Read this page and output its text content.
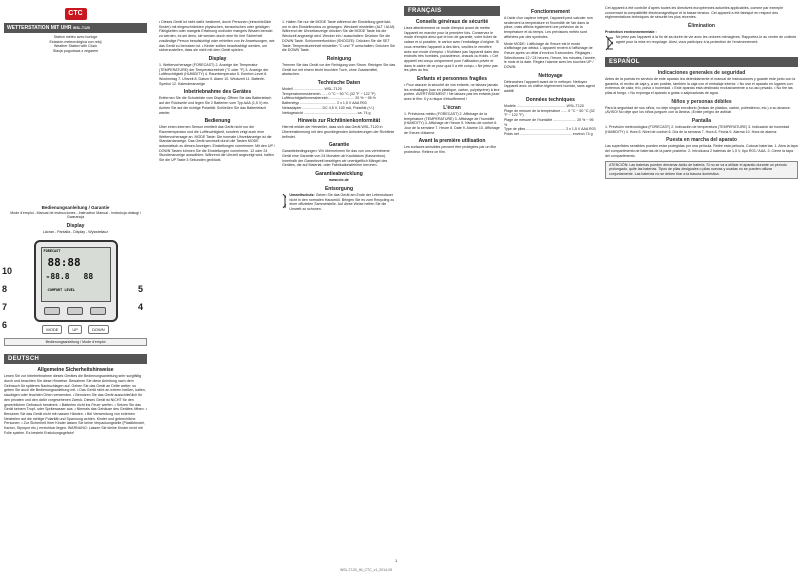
CTC
WETTERSTATION MIT UHR WSL-T120
Station météo avec horloge
Estación meteorológica con reloj
Weather Station with Clock
Stacja pogodowa z zegarem
Bedienungsanleitung / Garantie
Mode d'emploi - Manual de instrucciones - Instruction Manual - Instrukcja obsługi i Gwarancja
Display
Lâcran - Pantalla - Display - Wyświetlacz
FORECAST
88:88
-88.8 88
COMFORT LEVEL
10
8
7
6
5
4
MODE	UP	DOWN
Bedienungsanleitung / Mode d'emploi
DEUTSCH
Allgemeine Sicherheitshinweise

Lesen Sie zur Inbetriebnahme dieses Gerätes die Bedienungsanleitung sehr sorgfältig durch und beachten Sie diese Hinweise. Bewahren Sie diese Anleitung nach dem Gebrauch für späteres Nachschlagen auf. Geben Sie das Gerät an Dritte weiter, so geben Sie auch die Bedienungsanleitung mit. • Das Gerät nicht an extrem heißen, kalten, staubigen oder feuchten Orten verwenden. • Benutzen Sie das Gerät ausschließlich für den privaten und den dafür vorgesehenen Zweck. Dieses Gerät ist NICHT für den gewerblichen Gebrauch bestimmt. • Batterien nicht ins Feuer werfen. • Setzen Sie das Gerät keinem Tropf- oder Spritzwasser aus. • Niemals das Gehäuse des Gerätes öffnen. • Benutzen Sie das Gerät nicht mit nassen Händen. • Bei Verwendung von externen Netzteilen auf die richtige Polarität und Spannung achten. Kinder und gebrechliche Personen: • Zur Sicherheit Ihrer Kinder lassen Sie keine Verpackungsteile (Plastikbeutel, Karton, Styropor etc.) erreichbar liegen. WARNUNG: Lassen Sie kleine Kinder nicht mit Folie spielen. Es besteht Erstickungsgefahr!

• Dieses Gerät ist nicht dafür bestimmt, durch Personen (einschließlich Kinder) mit eingeschränkten physischen, sensorischen oder geistigen Fähigkeiten oder mangels Erfahrung und/oder mangels Wissen benutzt zu werden, es sei denn, sie werden durch eine für ihre Sicherheit zuständige Person beaufsichtigt oder erhielten von ihr Anweisungen, wie das Gerät zu benutzen ist. • Kinder sollten beaufsichtigt werden, um sicherzustellen, dass sie nicht mit dem Gerät spielen.

Display

1. Wettervorhersage (FORECAST) 2. Anzeige der Temperatur (TEMPERATURE) der Temperatureinheit (°C oder °F) 3. Anzeige der Luftfeuchtigkeit (HUMIDITY) 4. Raumtemperatur 5. Komfort-Level 6. Wochentag 7. Uhrzeit 8. Datum 9. Alarm 10. Weckzeit 11. Batterie-Symbol 12. Kalenderanzeige

Inbetriebnahme des Gerätes

Entfernen Sie die Schutzfolie vom Display. Öffnen Sie das Batteriefach auf der Rückseite und legen Sie 2 Batterien vom Typ AAA (1,5 V) ein. Achten Sie auf die richtige Polarität. Schließen Sie das Batteriefach wieder.

Bedienung

Über einen internen Sensor ermittelt das Gerät nicht nur die Raumtemperatur und die Luftfeuchtigkeit, sondern zeigt auch eine Wettervorhersage an. MODE Taste: Die normale Uhrzeitanzeige ist die Standardanzeige. Das Gerät wechselt durch die Tasten MODE automatisch zu diesen Anzeigen. Einstellungen vornehmen: Mit den UP / DOWN Tasten können Sie die Einstellungen vornehmen. 12 oder 24 Stundenanzeige auswählen: Während die Uhrzeit angezeigt wird, halten Sie die UP Taste 3 Sekunden gedrückt.

1. Halten Sie nur die MODE Taste während der Einstellung gedrückt, um in den Einstellmodus zu gelangen. Weckzeit einstellen (ALT / ALM): Während der Uhrzeitanzeige drücken Sie die MODE Taste bis die Weckzeit angezeigt wird. Wecker ein / ausschalten: Drücken Sie die DOWN Taste. Schlummerfunktion (SNOOZE): Drücken Sie die SET Taste. Temperatureinheit einstellen °C und °F umschalten: Drücken Sie die DOWN Taste.

Reinigung

Trennen Sie das Gerät vor der Reinigung vom Strom. Reinigen Sie das Gerät nur mit einem leicht feuchten Tuch, ohne Zusatzmittel, abwischen.

Technische Daten
Modell .............................. WSL-T120
Temperaturmessbereich ...... 0 °C ~ 50 °C (32 °F ~ 122 °F)
Luftfeuchtigkeitsmessbereich ......................... 20 % ~ 95 %
Batterietyp .................................... 2 x 1,5 V AAA R03
Netzadapter ................... DC 4,5 V, 100 mA, Polarität (+/-)
Nettogewicht ..................................................... ca. 74 g
Hinweis zur Richtlinienkonformität

Hiermit erklärt der Hersteller, dass sich das Gerät WSL-T120 in Übereinstimmung mit den grundlegenden Anforderungen der Richtlinie befindet.

Garantie

Garantiebedingungen: Wir übernehmen für das von uns vertriebene Gerät eine Garantie von 24 Monaten ab Kaufdatum (Kassenbon). Innerhalb der Garantiezeit beseitigen wir unentgeltlich Mängel des Gerätes, die auf Material- oder Fabrikationsfehlern beruhen.

Garantieabwicklung
www.ctc.de
Entsorgung
Umweltschutz: Geben Sie das Gerät am Ende der Lebensdauer nicht in den normalen Hausmüll. Bringen Sie es zum Recycling zu einer offiziellen Sammelstelle. Auf diese Weise helfen Sie die Umwelt zu schonen.
FRANÇAIS
Conseils généraux de sécurité

Lisez attentivement ce mode d'emploi avant de mettre l'appareil en marche pour la première fois. Conservez le mode d'emploi ainsi que le bon de garantie, votre ticket de caisse et si possible, le carton avec l'emballage d'origine. Si vous remettez l'appareil à des tiers, veuillez le remettre avec son mode d'emploi. • N'utilisez pas l'appareil dans des endroits très humides, poussiéreux, chauds ou froids. • Cet appareil est conçu uniquement pour l'utilisation privée et dans le cadre de ce pour quoi il a été conçu. • Ne jetez pas les piles au feu.

Enfants et personnes fragiles

• Pour assurer la sécurité de vos enfants, ne laissez jamais les emballages (sac en plastique, carton, polystyrène) à leur portée. AVERTISSEMENT ! Ne laissez pas les enfants jouer avec le film. Il y a risque d'étouffement !

L'écran

1. Prévisions météo (FORECAST) 2. Affichage de la température (TEMPERATURE) 3. Affichage de l'humidité (HUMIDITY) 4. Affichage de l'heure 5. Niveau de confort 6. Jour de la semaine 7. Heure 8. Date 9. Alarme 10. Affichage de l'heure d'alarme

Avant la première utilisation

Les surfaces sensibles peuvent être protégées par un film protecteur. Retirez ce film.

Fonctionnement

A l'aide d'un capteur intégré, l'appareil peut calculer non seulement la température et l'humidité de l'air dans la pièce, mais affiche également une prévision de la température et du temps. Les prévisions météo sont affichées par des symboles.

Mode MODE: L'affichage de l'heure est le mode d'affichage par défaut. L'appareil revient à l'affichage de l'heure après un délai d'environ 5 secondes. Réglages : Sélectionnez 12 / 24 heures, l'heure, les minutes, l'année, le mois et la date. Réglez l'alarme avec les touches UP / DOWN.

Nettoyage

Débranchez l'appareil avant de le nettoyer. Nettoyez l'appareil avec un chiffon légèrement humide, sans agent additif.

Données techniques
Modèle ................................................. WSL-T120
Plage de mesure de la température ...... 0 °C ~ 50 °C (32 °F ~ 122 °F)
Plage de mesure de l'humidité ....................... 20 % ~ 95 %
Type de piles ....................................... 2 x 1,5 V AAA R03
Poids net .................................................... environ 74 g

Cet appareil a été contrôlé d'après toutes les directives européennes actuelles applicables, comme par exemple concernant la compatibilité électromagnétique et la basse tension. Cet appareil a été fabriqué en respect des réglementations techniques de sécurité les plus récentes.

Élimination
Protection environnementale :

Ne jetez pas l'appareil à la fin de sa durée de vie avec les ordures ménagères. Rapportez-le au centre de collecte agréé pour la mise en recyclage. Ainsi, vous participez à la protection de l'environnement.

ESPAÑOL
Indicaciones generales de seguridad

Antes de la puesta en servicio de este aparato lea detenidamente el manual de instrucciones y guarde éste junto con la garantía, el recibo de caja y, a ser posible, también la caja con el embalaje interior. • No use el aparato en lugares con extremos de calor, frío, polvo o humedad. • Este aparato está destinado exclusivamente a su uso privado. • No tire las pilas al fuego. • No exponga el aparato a gotas o salpicaduras de agua.

Niños y personas débiles

Para la seguridad de sus niños, no deje ningún envoltorio (bolsas de plástico, cartón, poliestireno, etc.) a su alcance. ¡AVISO! No deje que los niños jueguen con la lámina. ¡Existe peligro de asfixia!

Pantalla

1. Previsión meteorológica (FORECAST) 2. Indicación de temperatura (TEMPERATURE) 3. Indicación de humedad (HUMIDITY) 4. Hora 5. Nivel de confort 6. Día de la semana 7. Hora 8. Fecha 9. Alarma 10. Hora de alarma

Puesta en marcha del aparato

Las superficies sensibles pueden estar protegidas por una película. Retire esta película. Colocar baterías: 1. Abra la tapa del compartimento de baterías de la parte posterior. 2. Introduzca 2 baterías de 1,5 V, tipo R03 / AAA. 3. Cierre la tapa del compartimento.

ATENCIÓN: Las baterías pueden derramar ácido de batería. Si no se va a utilizar el aparato durante un período prolongado, quite las baterías. Tipos de pilas desiguales o pilas nuevas y usadas no se pueden utilizar conjuntamente. Las baterías no se deben tirar a la basura doméstica.
1
WSL-T120_IM_CTC_v1_2014-05
